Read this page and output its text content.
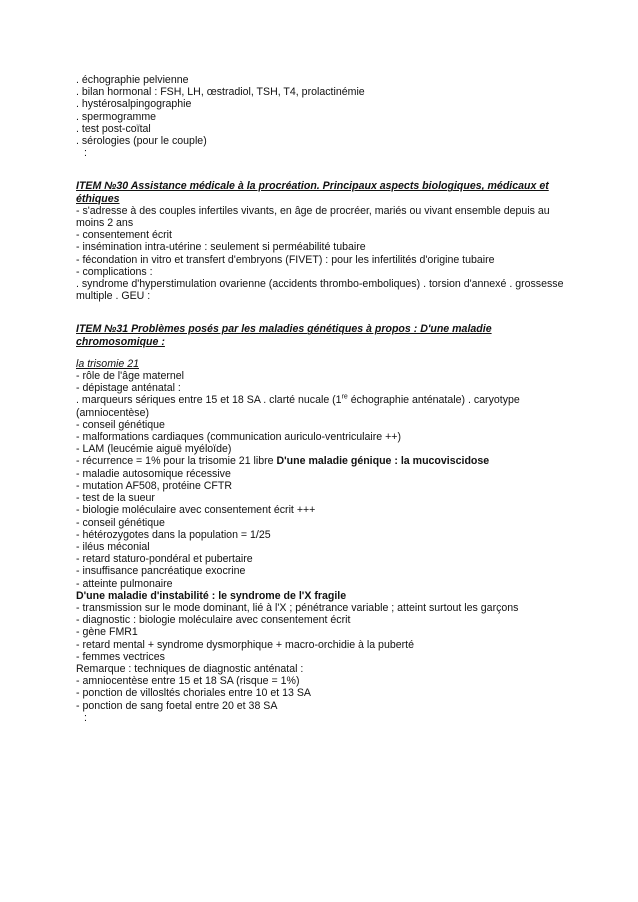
. échographie pelvienne
. bilan hormonal : FSH, LH, œstradiol, TSH, T4, prolactinémie
. hystérosalpingographie
. spermogramme
. test post-coïtal
. sérologies (pour le couple)
:
ITEM №30 Assistance médicale à la procréation. Principaux aspects biologiques, médicaux et éthiques
- s'adresse à des couples infertiles vivants, en âge de procréer, mariés ou vivant ensemble depuis au moins 2 ans
- consentement écrit
- insémination intra-utérine : seulement si perméabilité tubaire
- fécondation in vitro et transfert d'embryons (FIVET) : pour les infertilités d'origine tubaire
- complications :
. syndrome d'hyperstimulation ovarienne (accidents thrombo-emboliques) . torsion d'annexé . grossesse multiple . GEU :
ITEM №31 Problèmes posés par les maladies génétiques à propos : D'une maladie chromosomique :
la trisomie 21
- rôle de l'âge maternel
- dépistage anténatal :
. marqueurs sériques entre 15 et 18 SA . clarté nucale (1re échographie anténatale) . caryotype
(amniocentèse)
- conseil génétique
- malformations cardiaques (communication auriculo-ventriculaire ++)
- LAM (leucémie aiguë myéloïde)
- récurrence = 1% pour la trisomie 21 libre D'une maladie génique : la mucoviscidose
- maladie autosomique récessive
- mutation AF508, protéine CFTR
- test de la sueur
- biologie moléculaire avec consentement écrit +++
- conseil génétique
- hétérozygotes dans la population = 1/25
- iléus méconial
- retard staturo-pondéral et pubertaire
- insuffisance pancréatique exocrine
- atteinte pulmonaire
D'une maladie d'instabilité : le syndrome de l'X fragile
- transmission sur le mode dominant, lié à l'X ; pénétrance variable ; atteint surtout les garçons
- diagnostic : biologie moléculaire avec consentement écrit
- gène FMR1
- retard mental + syndrome dysmorphique + macro-orchidie à la puberté
- femmes vectrices
Remarque : techniques de diagnostic anténatal :
- amniocentèse entre 15 et 18 SA (risque = 1%)
- ponction de villosltés choriales entre 10 et 13 SA
- ponction de sang foetal entre 20 et 38 SA
:
